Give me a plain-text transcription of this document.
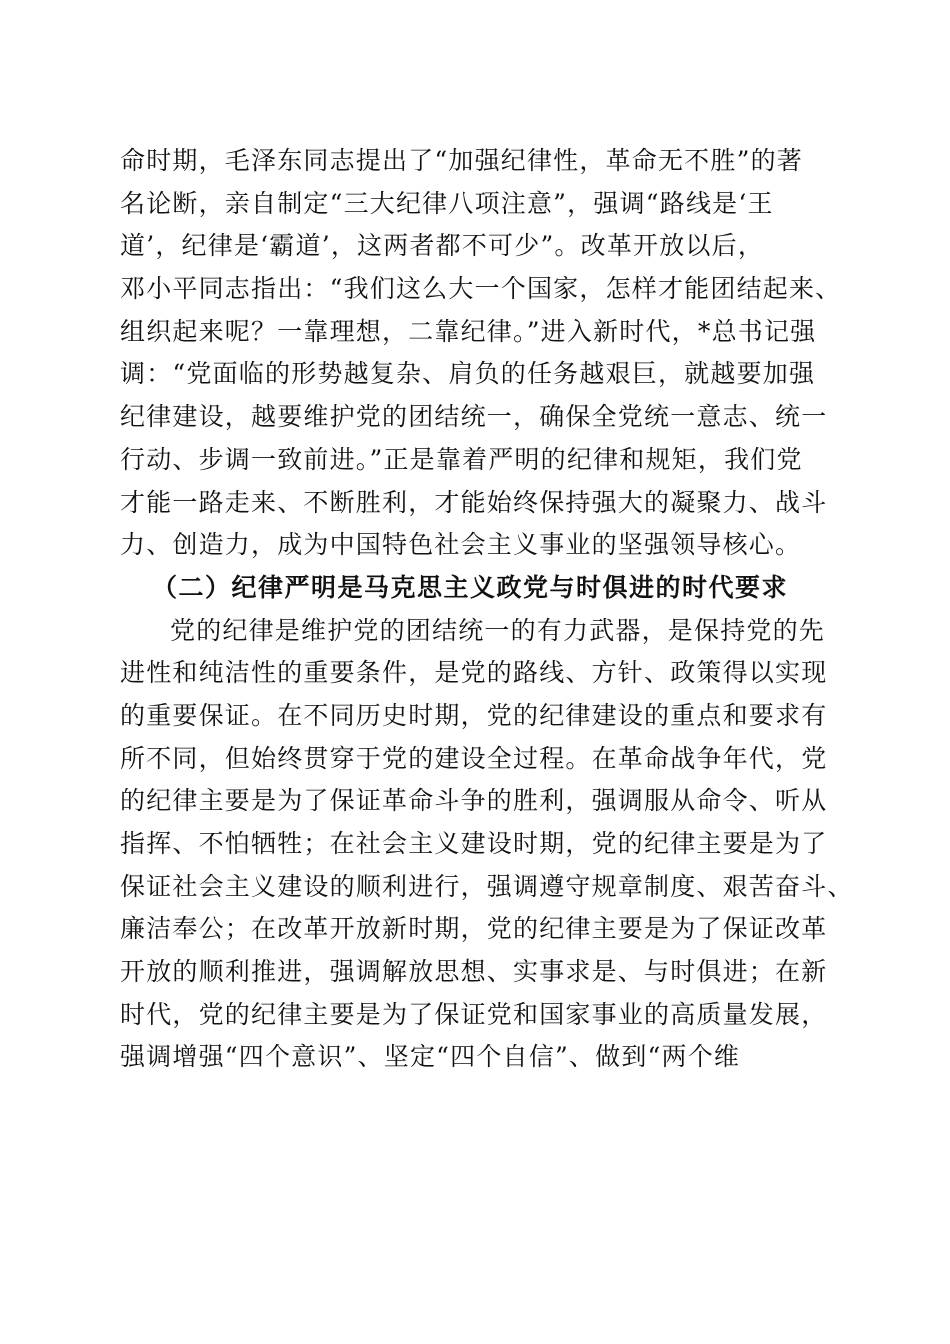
命时期，毛泽东同志提出了“加强纪律性，革命无不胜”的著
名论断，亲自制定“三大纪律八项注意”，强调“路线是‘王
道’，纪律是‘霸道’，这两者都不可少”。改革开放以后，
邓小平同志指出：“我们这么大一个国家，怎样才能团结起来、
组织起来呢？一靠理想，二靠纪律。”进入新时代，*总书记强
调：“党面临的形势越复杂、肩负的任务越艰巨，就越要加强
纪律建设，越要维护党的团结统一，确保全党统一意志、统一
行动、步调一致前进。”正是靠着严明的纪律和规矩，我们党
才能一路走来、不断胜利，才能始终保持强大的凝聚力、战斗
力、创造力，成为中国特色社会主义事业的坚强领导核心。
（二）纪律严明是马克思主义政党与时俱进的时代要求
党的纪律是维护党的团结统一的有力武器，是保持党的先
进性和纯洁性的重要条件，是党的路线、方针、政策得以实现
的重要保证。在不同历史时期，党的纪律建设的重点和要求有
所不同，但始终贯穿于党的建设全过程。在革命战争年代，党
的纪律主要是为了保证革命斗争的胜利，强调服从命令、听从
指挥、不怕牺牲；在社会主义建设时期，党的纪律主要是为了
保证社会主义建设的顺利进行，强调遵守规章制度、艰苦奋斗、
廉洁奉公；在改革开放新时期，党的纪律主要是为了保证改革
开放的顺利推进，强调解放思想、实事求是、与时俱进；在新
时代，党的纪律主要是为了保证党和国家事业的高质量发展，
强调增强“四个意识”、坚定“四个自信”、做到“两个维
